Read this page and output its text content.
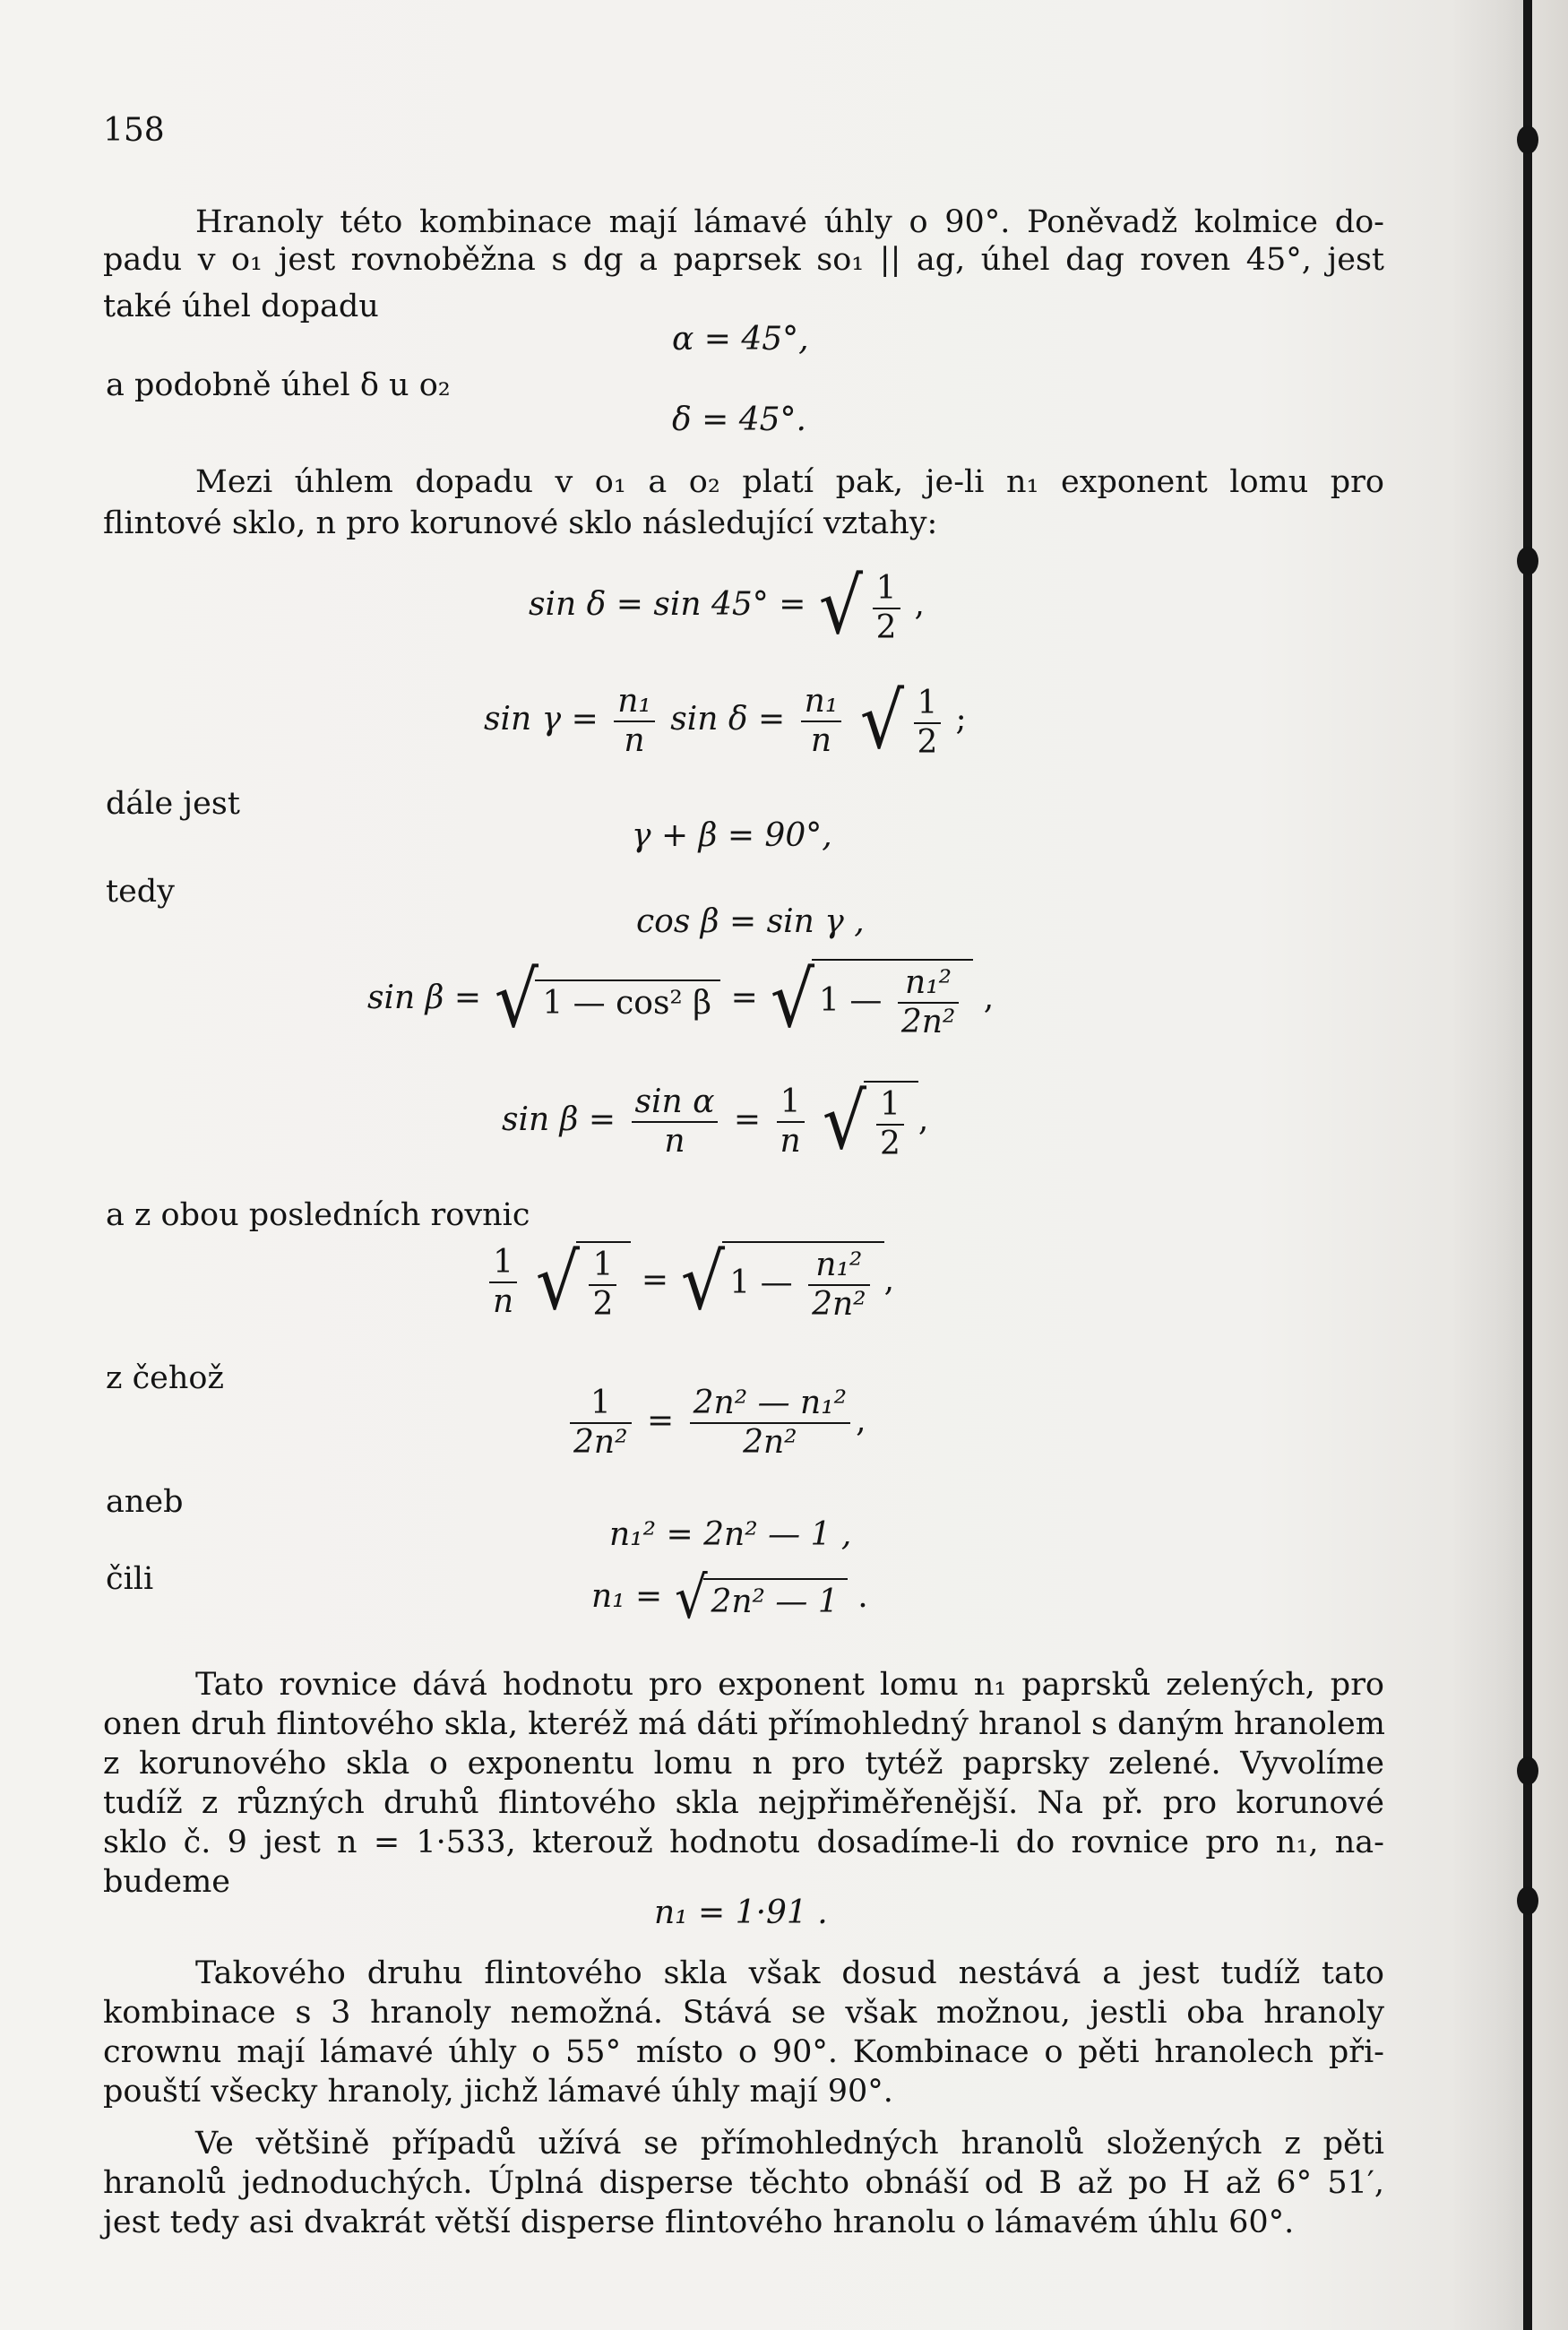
158
Hranoly této kombinace mají lámavé úhly o 90°. Poněvadž kolmice do-
padu v o₁ jest rovnoběžna s dg a paprsek so₁ || ag, úhel dag roven 45°, jest
také úhel dopadu
α = 45°,
a podobně úhel δ u o₂
δ = 45°.
Mezi úhlem dopadu v o₁ a o₂ platí pak, je-li n₁ exponent lomu pro
flintové sklo, n pro korunové sklo následující vztahy:
sin δ = sin 45° = √ $\frac{1}{2}$ ,
$\sin \gamma = \frac{\text{n₁}}{n}$ $\sin \delta = \frac{\text{n₁}}{n}$ √ $\frac{1}{2}$ ;
dále jest
γ + β = 90°,
tedy
cos β = sin γ ,
sin β = √ 1 — cos² β = √ 1 — $\frac{\text{n₁²}}{\text{2n²}}$ ,
$\sin \beta = \frac{\text{sin α}}{n} = \frac{1}{n}$ √ $\frac{1}{2}$ ,
a z obou posledních rovnic
$\frac{1}{n}$ √ $\frac{1}{2}$ = √ 1 — $\frac{\text{n₁²}}{\text{2n²}}$ ,
z čehož
$\frac{1}{\text{2n²}} = \frac{\text{2n² — n₁²}}{\text{2n²}}$ ,
aneb
n₁² = 2n² — 1 ,
čili	n₁ = √ 2n² — 1 .
Tato rovnice dává hodnotu pro exponent lomu n₁ paprsků zelených, pro
onen druh flintového skla, kteréž má dáti přímohledný hranol s daným hranolem
z korunového skla o exponentu lomu n pro tytéž paprsky zelené. Vyvolíme
tudíž z různých druhů flintového skla nejpřiměřenější. Na př. pro korunové
sklo č. 9 jest n = 1·533, kterouž hodnotu dosadíme-li do rovnice pro n₁, na-
budeme
n₁ = 1·91 .
Takového druhu flintového skla však dosud nestává a jest tudíž tato
kombinace s 3 hranoly nemožná. Stává se však možnou, jestli oba hranoly
crownu mají lámavé úhly o 55° místo o 90°. Kombinace o pěti hranolech při-
pouští všecky hranoly, jichž lámavé úhly mají 90°.
Ve většině případů užívá se přímohledných hranolů složených z pěti
hranolů jednoduchých. Úplná disperse těchto obnáší od B až po H až 6° 51′,
jest tedy asi dvakrát větší disperse flintového hranolu o lámavém úhlu 60°.
